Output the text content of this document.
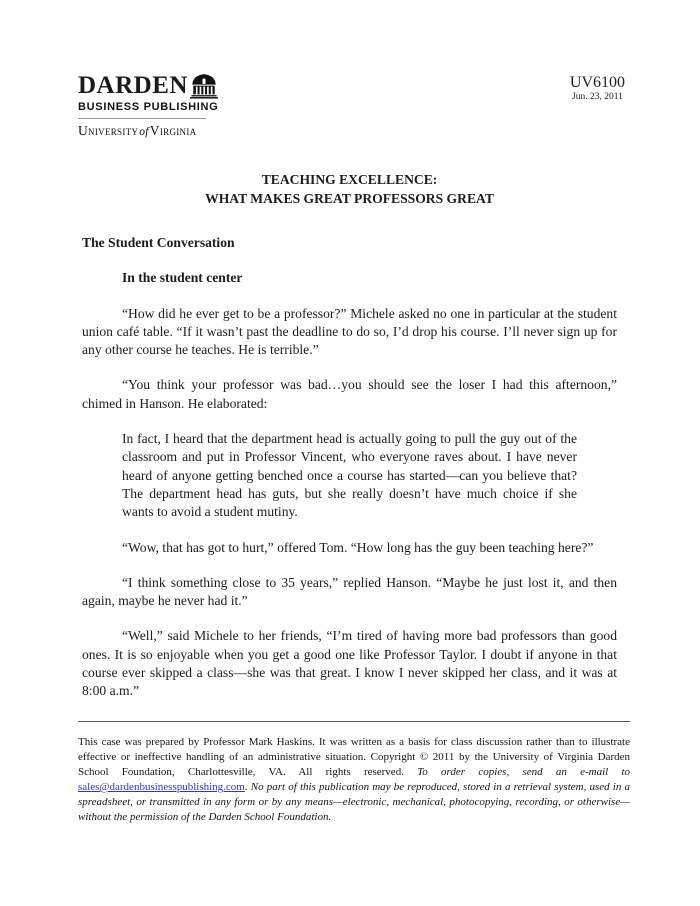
DARDEN
BUSINESS PUBLISHING
UniversityofVirginia
UV6100
Jun. 23, 2011
TEACHING EXCELLENCE:
WHAT MAKES GREAT PROFESSORS GREAT
The Student Conversation
In the student center

“How did he ever get to be a professor?” Michele asked no one in particular at the student union café table. “If it wasn’t past the deadline to do so, I’d drop his course. I’ll never sign up for any other course he teaches. He is terrible.”

“You think your professor was bad…you should see the loser I had this afternoon,” chimed in Hanson. He elaborated:

In fact, I heard that the department head is actually going to pull the guy out of the classroom and put in Professor Vincent, who everyone raves about. I have never heard of anyone getting benched once a course has started—can you believe that? The department head has guts, but she really doesn’t have much choice if she wants to avoid a student mutiny.

“Wow, that has got to hurt,” offered Tom. “How long has the guy been teaching here?”

“I think something close to 35 years,” replied Hanson. “Maybe he just lost it, and then again, maybe he never had it.”

“Well,” said Michele to her friends, “I’m tired of having more bad professors than good ones. It is so enjoyable when you get a good one like Professor Taylor. I doubt if anyone in that course ever skipped a class—she was that great. I know I never skipped her class, and it was at 8:00 a.m.”

This case was prepared by Professor Mark Haskins. It was written as a basis for class discussion rather than to illustrate effective or ineffective handling of an administrative situation. Copyright © 2011 by the University of Virginia Darden School Foundation, Charlottesville, VA. All rights reserved. To order copies, send an e-mail to sales@dardenbusinesspublishing.com. No part of this publication may be reproduced, stored in a retrieval system, used in a spreadsheet, or transmitted in any form or by any means—electronic, mechanical, photocopying, recording, or otherwise—without the permission of the Darden School Foundation.
